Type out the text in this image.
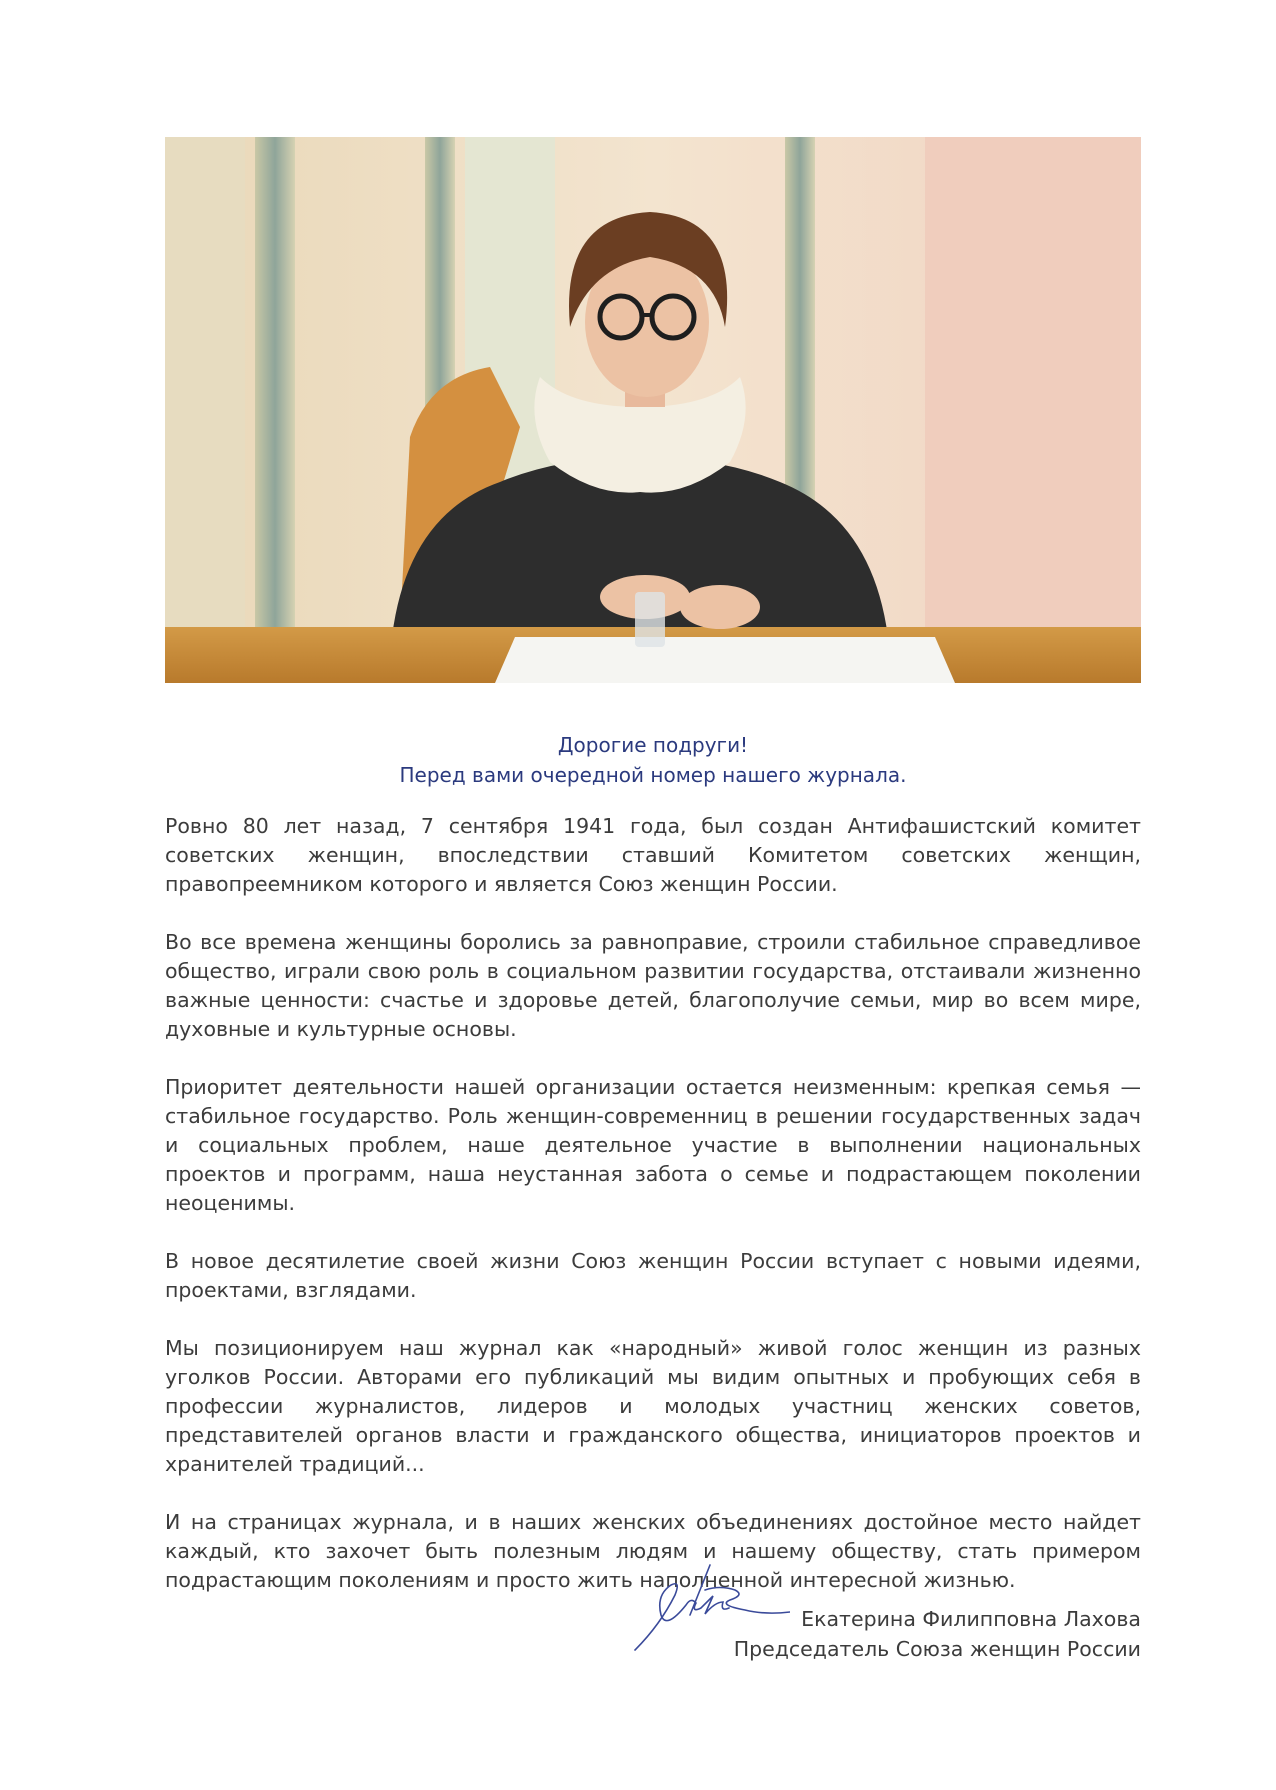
Дорогие подруги!
Перед вами очередной номер нашего журнала.

Ровно 80 лет назад, 7 сентября 1941 года, был создан Антифашистский комитет советских женщин, впоследствии ставший Комитетом советских женщин, правопреемником которого и является Союз женщин России.

Во все времена женщины боролись за равноправие, строили стабильное справедливое общество, играли свою роль в социальном развитии государства, отстаивали жизненно важные ценности: счастье и здоровье детей, благополучие семьи, мир во всем мире, духовные и культурные основы.

Приоритет деятельности нашей организации остается неизменным: крепкая семья — стабильное государство. Роль женщин-современниц в решении государственных задач и социальных проблем, наше деятельное участие в выполнении национальных проектов и программ, наша неустанная забота о семье и подрастающем поколении неоценимы.

В новое десятилетие своей жизни Союз женщин России вступает с новыми идеями, проектами, взглядами.

Мы позиционируем наш журнал как «народный» живой голос женщин из разных уголков России. Авторами его публикаций мы видим опытных и пробующих себя в профессии журналистов, лидеров и молодых участниц женских советов, представителей органов власти и гражданского общества, инициаторов проектов и хранителей традиций...

И на страницах журнала, и в наших женских объединениях достойное место найдет каждый, кто захочет быть полезным людям и нашему обществу, стать примером подрастающим поколениям и просто жить наполненной интересной жизнью.

Екатерина Филипповна Лахова
Председатель Союза женщин России
